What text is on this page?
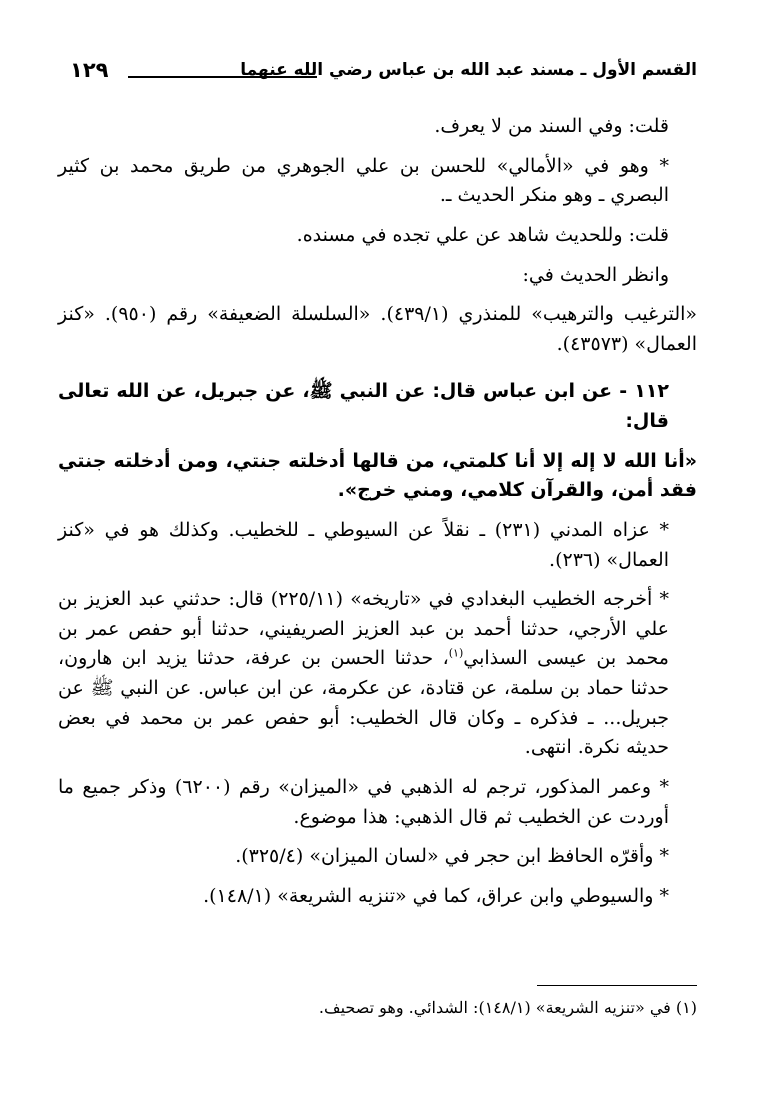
القسم الأول ـ مسند عبد الله بن عباس رضي الله عنهما
١٢٩

قلت: وفي السند من لا يعرف.

* وهو في «الأمالي» للحسن بن علي الجوهري من طريق محمد بن كثير البصري ـ وهو منكر الحديث ـ.

قلت: وللحديث شاهد عن علي تجده في مسنده.

وانظر الحديث في:

«الترغيب والترهيب» للمنذري (٤٣٩/١). «السلسلة الضعيفة» رقم (٩٥٠). «كنز العمال» (٤٣٥٧٣).

١١٢ - عن ابن عباس قال: عن النبي ﷺ، عن جبريل، عن الله تعالى قال:

«أنا الله لا إله إلا أنا كلمتي، من قالها أدخلته جنتي، ومن أدخلته جنتي فقد أمن، والقرآن كلامي، ومني خرج».

* عزاه المدني (٢٣١) ـ نقلاً عن السيوطي ـ للخطيب. وكذلك هو في «كنز العمال» (٢٣٦).

* أخرجه الخطيب البغدادي في «تاريخه» (٢٢٥/١١) قال: حدثني عبد العزيز بن علي الأرجي، حدثنا أحمد بن عبد العزيز الصريفيني، حدثنا أبو حفص عمر بن محمد بن عيسى السذابي$^{(١)}$، حدثنا الحسن بن عرفة، حدثنا يزيد ابن هارون، حدثنا حماد بن سلمة، عن قتادة، عن عكرمة، عن ابن عباس. عن النبي ﷺ عن جبريل... ـ فذكره ـ وكان قال الخطيب: أبو حفص عمر بن محمد في بعض حديثه نكرة. انتهى.

* وعمر المذكور، ترجم له الذهبي في «الميزان» رقم (٦٢٠٠) وذكر جميع ما أوردت عن الخطيب ثم قال الذهبي: هذا موضوع.

* وأقرّه الحافظ ابن حجر في «لسان الميزان» (٣٢٥/٤).

* والسيوطي وابن عراق، كما في «تنزيه الشريعة» (١٤٨/١).

(١) في «تنزيه الشريعة» (١٤٨/١): الشدائي. وهو تصحيف.
